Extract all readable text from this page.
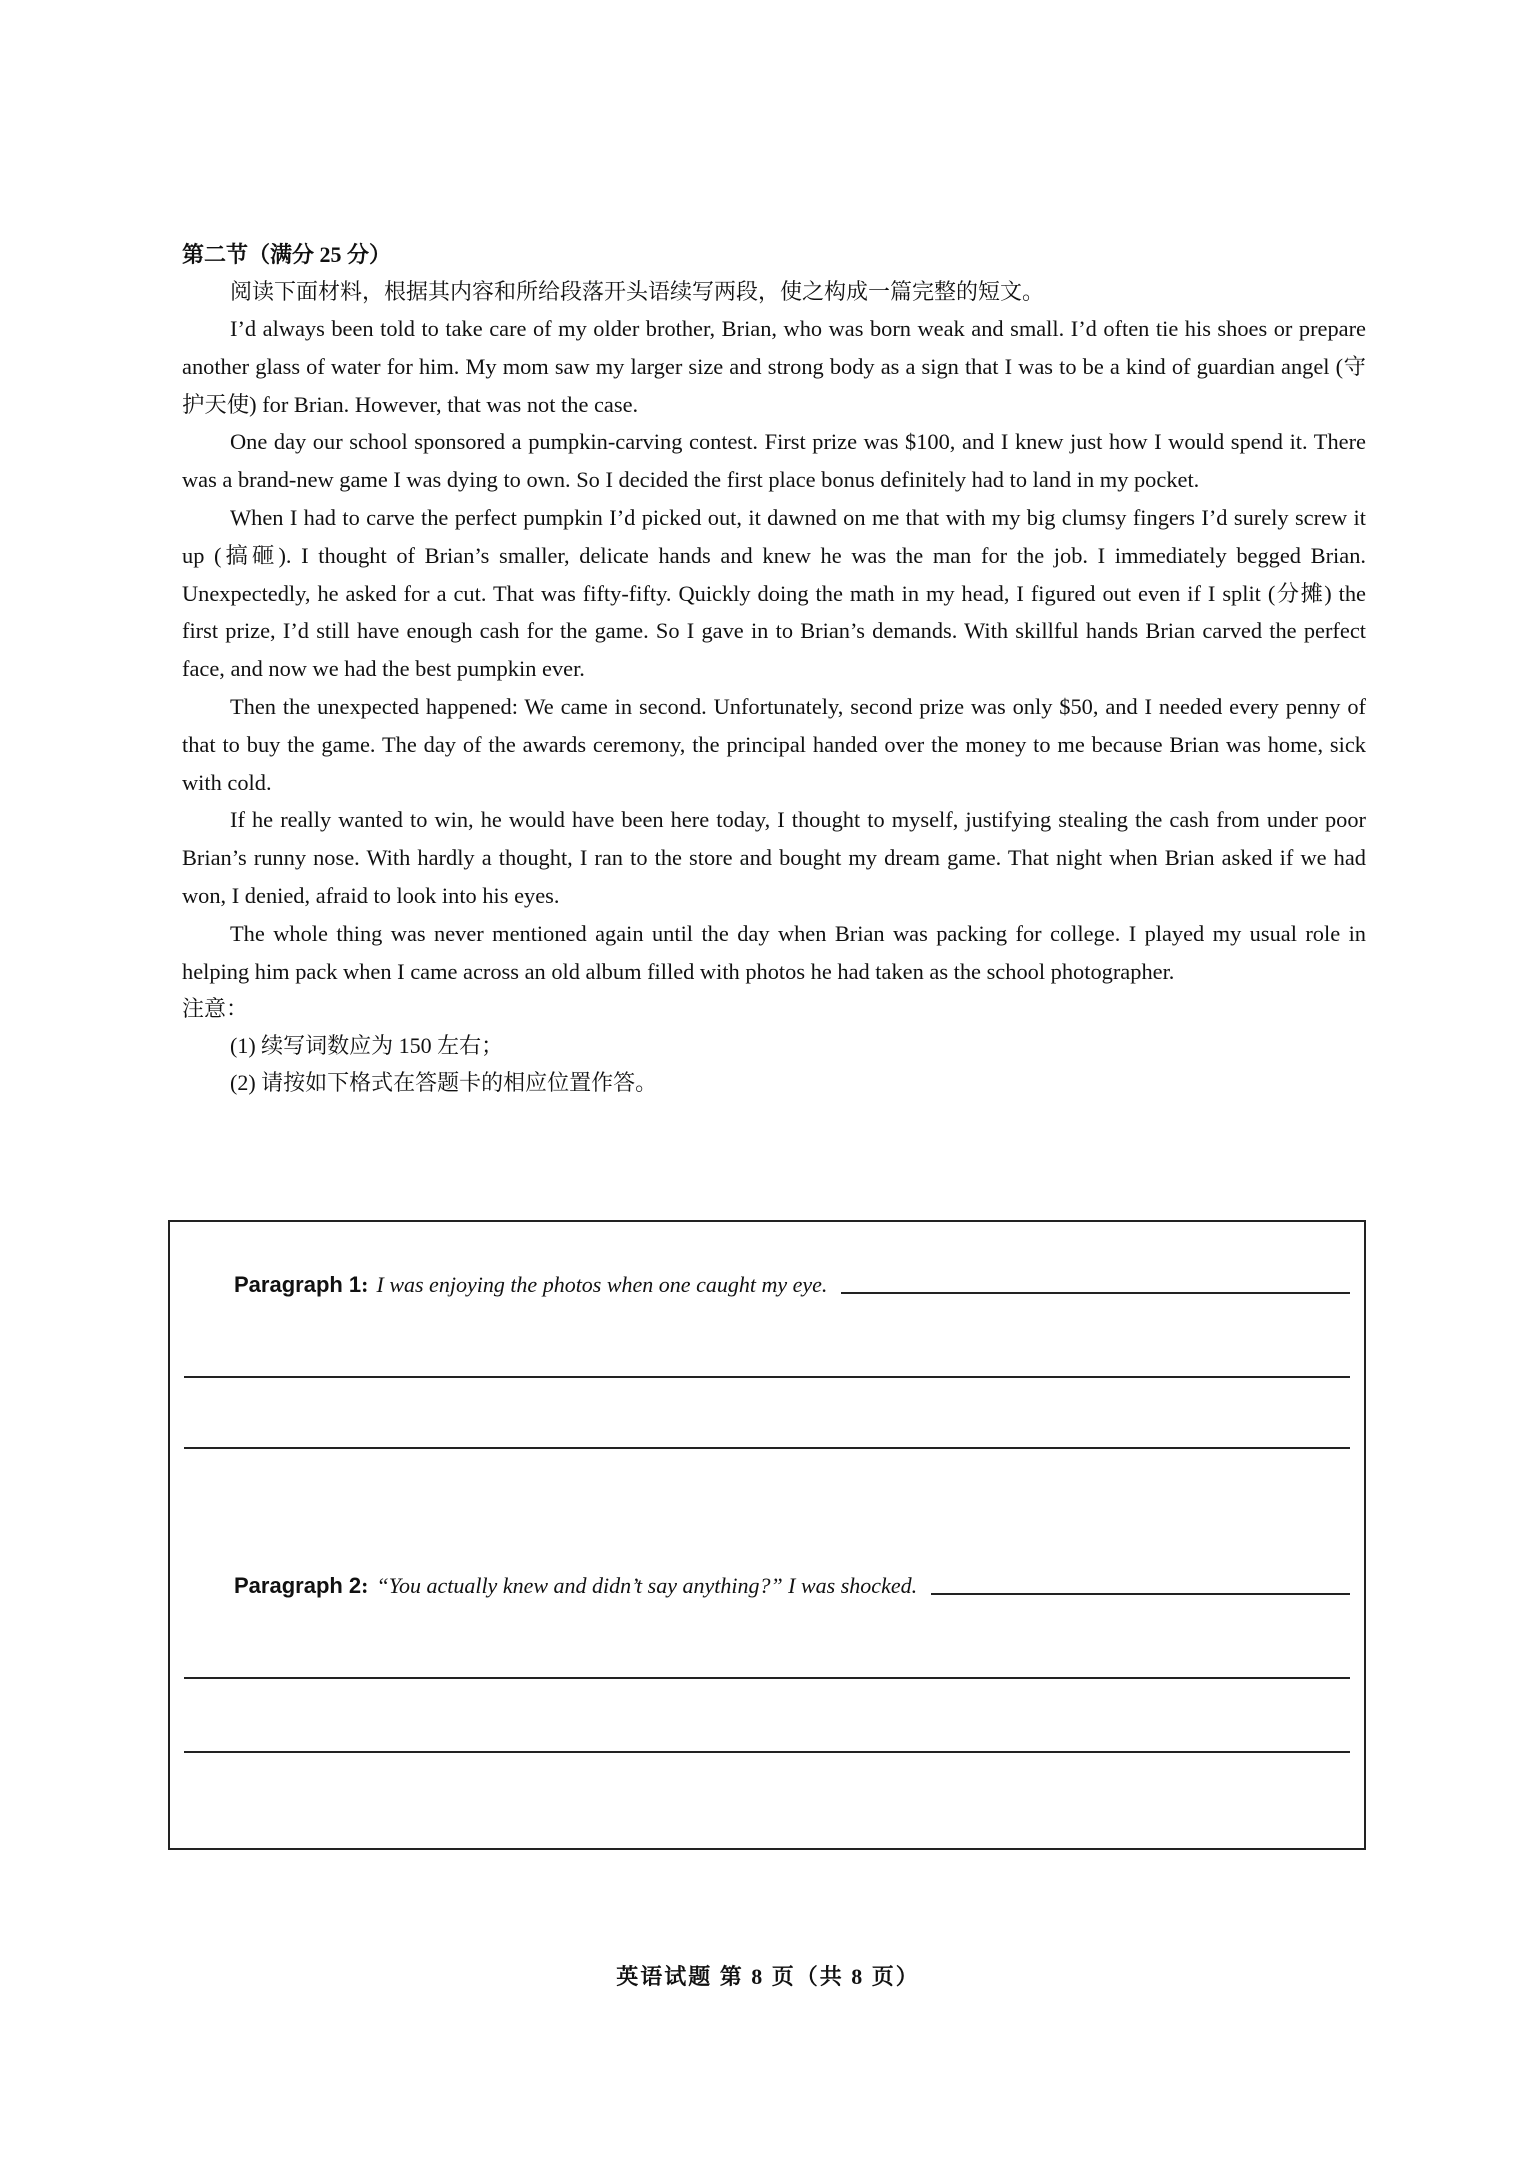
第二节（满分 25 分）

阅读下面材料，根据其内容和所给段落开头语续写两段，使之构成一篇完整的短文。

I’d always been told to take care of my older brother, Brian, who was born weak and small. I’d often tie his shoes or prepare another glass of water for him. My mom saw my larger size and strong body as a sign that I was to be a kind of guardian angel (守护天使) for Brian. However, that was not the case.

One day our school sponsored a pumpkin-carving contest. First prize was $100, and I knew just how I would spend it. There was a brand-new game I was dying to own. So I decided the first place bonus definitely had to land in my pocket.

When I had to carve the perfect pumpkin I’d picked out, it dawned on me that with my big clumsy fingers I’d surely screw it up (搞砸). I thought of Brian’s smaller, delicate hands and knew he was the man for the job. I immediately begged Brian. Unexpectedly, he asked for a cut. That was fifty-fifty. Quickly doing the math in my head, I figured out even if I split (分摊) the first prize, I’d still have enough cash for the game. So I gave in to Brian’s demands. With skillful hands Brian carved the perfect face, and now we had the best pumpkin ever.

Then the unexpected happened: We came in second. Unfortunately, second prize was only $50, and I needed every penny of that to buy the game. The day of the awards ceremony, the principal handed over the money to me because Brian was home, sick with cold.

If he really wanted to win, he would have been here today, I thought to myself, justifying stealing the cash from under poor Brian’s runny nose. With hardly a thought, I ran to the store and bought my dream game. That night when Brian asked if we had won, I denied, afraid to look into his eyes.

The whole thing was never mentioned again until the day when Brian was packing for college. I played my usual role in helping him pack when I came across an old album filled with photos he had taken as the school photographer.

注意：

(1) 续写词数应为 150 左右；

(2) 请按如下格式在答题卡的相应位置作答。

Paragraph 1 : I was enjoying the photos when one caught my eye.
Paragraph 2 : “You actually knew and didn’t say anything?” I was shocked.
英语试题 第 8 页（共 8 页）
